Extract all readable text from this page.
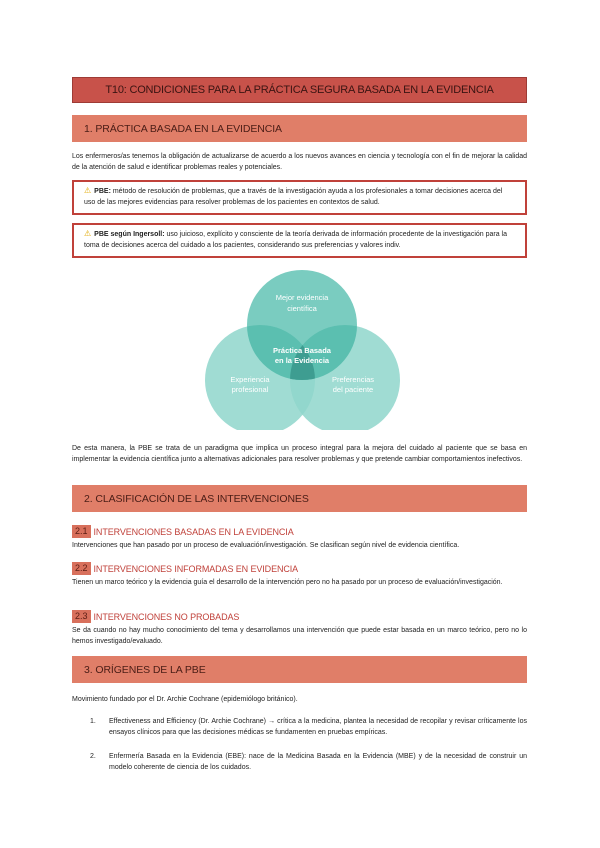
T10: CONDICIONES PARA LA PRÁCTICA SEGURA BASADA EN LA EVIDENCIA
1. PRÁCTICA BASADA EN LA EVIDENCIA

Los enfermeros/as tenemos la obligación de actualizarse de acuerdo a los nuevos avances en ciencia y tecnología con el fin de mejorar la calidad de la atención de salud e identificar problemas reales y potenciales.

⚠ PBE: método de resolución de problemas, que a través de la investigación ayuda a los profesionales a tomar decisiones acerca del uso de las mejores evidencias para resolver problemas de los pacientes en contextos de salud.
⚠ PBE según Ingersoll: uso juicioso, explícito y consciente de la teoría derivada de información procedente de la investigación para la toma de decisiones acerca del cuidado a los pacientes, considerando sus preferencias y valores indiv.
Mejor evidencia
científica
Experiencia
profesional
Preferencias
del paciente
Práctica Basada
en la Evidencia

De esta manera, la PBE se trata de un paradigma que implica un proceso integral para la mejora del cuidado al paciente que se basa en implementar la evidencia científica junto a alternativas adicionales para resolver problemas y que pretende cambiar comportamientos inefectivos.

2. CLASIFICACIÓN DE LAS INTERVENCIONES
2.1 INTERVENCIONES BASADAS EN LA EVIDENCIA

Intervenciones que han pasado por un proceso de evaluación/investigación. Se clasifican según nivel de evidencia científica.

2.2 INTERVENCIONES INFORMADAS EN EVIDENCIA

Tienen un marco teórico y la evidencia guía el desarrollo de la intervención pero no ha pasado por un proceso de evaluación/investigación.

2.3 INTERVENCIONES NO PROBADAS

Se da cuando no hay mucho conocimiento del tema y desarrollamos una intervención que puede estar basada en un marco teórico, pero no lo hemos investigado/evaluado.

3. ORÍGENES DE LA PBE

Movimiento fundado por el Dr. Archie Cochrane (epidemiólogo británico).

1.	Effectiveness and Efficiency (Dr. Archie Cochrane) → crítica a la medicina, plantea la necesidad de recopilar y revisar críticamente los ensayos clínicos para que las decisiones médicas se fundamenten en pruebas empíricas.
2.	Enfermería Basada en la Evidencia (EBE): nace de la Medicina Basada en la Evidencia (MBE) y de la necesidad de construir un modelo coherente de ciencia de los cuidados.
